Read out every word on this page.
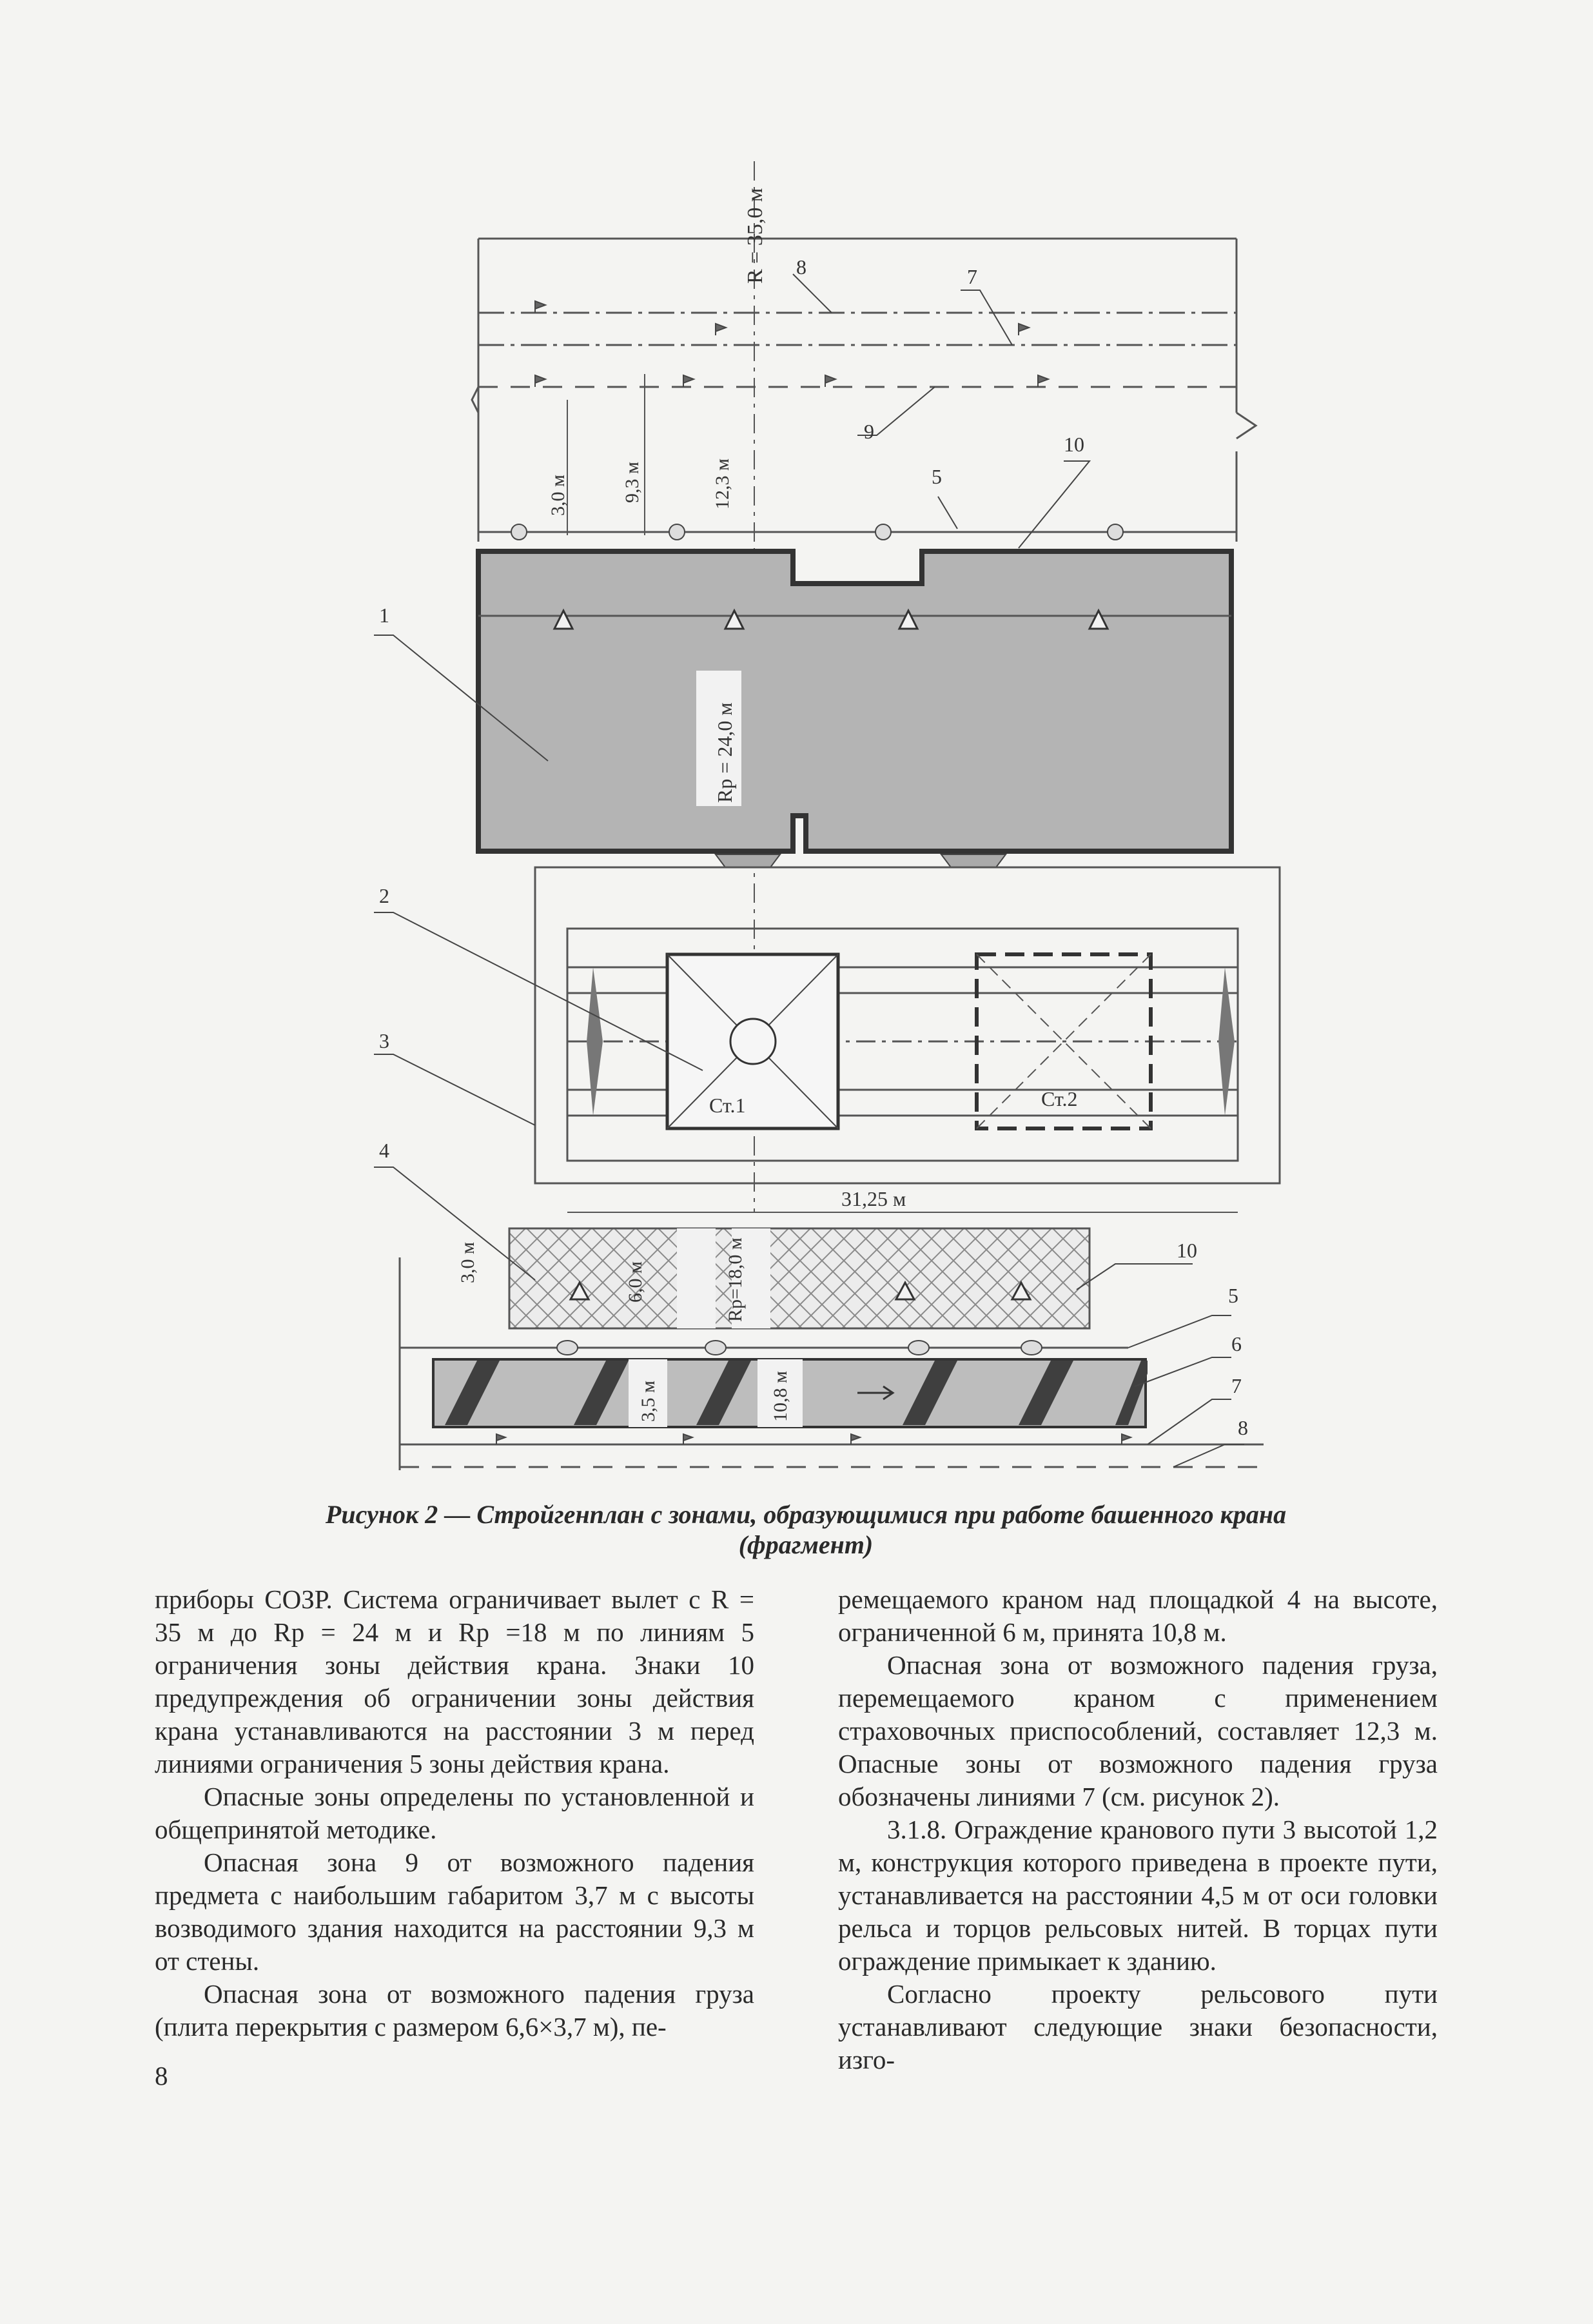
R = 35,0 м
3,0 м	9,3 м	12,3 м
Rp = 24,0 м
Ст.1	Ст.2
31,25 м
3,0 м	6,0 м	Rp=18,0 м
3,5 м	10,8 м
1
2
3
4
8	7
9
10
5
10
5
6
7
8
Рисунок 2 — Стройгенплан с зонами, образующимися при работе башенного крана (фрагмент)

приборы СОЗР. Система ограничивает вылет с R = 35 м до Rp = 24 м и Rp =18 м по линиям 5 ограничения зоны действия крана. Знаки 10 предупреждения об ограничении зоны действия крана устанавливаются на расстоянии 3 м перед линиями ограничения 5 зоны действия крана.

Опасные зоны определены по установленной и общепринятой методике.

Опасная зона 9 от возможного падения предмета с наибольшим габаритом 3,7 м с высоты возводимого здания находится на расстоянии 9,3 м от стены.

Опасная зона от возможного падения груза (плита перекрытия с размером 6,6×3,7 м), пе-

ремещаемого краном над площадкой 4 на высоте, ограниченной 6 м, принята 10,8 м.

Опасная зона от возможного падения груза, перемещаемого краном с применением страховочных приспособлений, составляет 12,3 м. Опасные зоны от возможного падения груза обозначены линиями 7 (см. рисунок 2).

3.1.8. Ограждение кранового пути 3 высотой 1,2 м, конструкция которого приведена в проекте пути, устанавливается на расстоянии 4,5 м от оси головки рельса и торцов рельсовых нитей. В торцах пути ограждение примыкает к зданию.

Согласно проекту рельсового пути устанавливают следующие знаки безопасности, изго-

8
